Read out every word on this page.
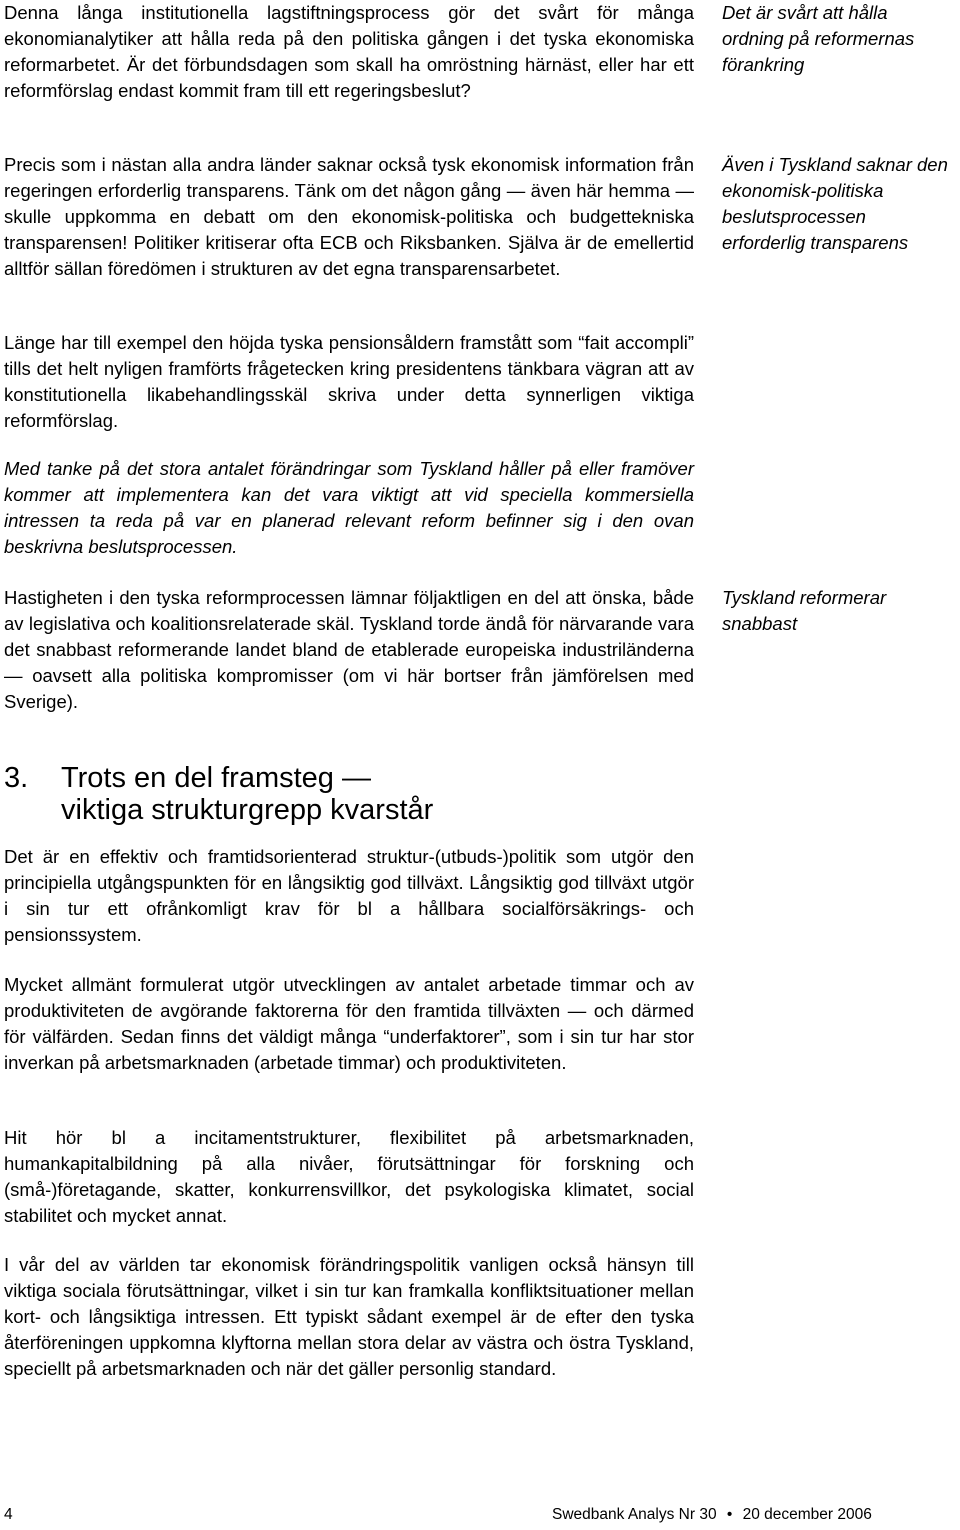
Denna långa institutionella lagstiftningsprocess gör det svårt för många ekonomianalytiker att hålla reda på den politiska gången i det tyska ekonomiska reformarbetet. Är det förbundsdagen som skall ha omröstning härnäst, eller har ett reformförslag endast kommit fram till ett regeringsbeslut?

Precis som i nästan alla andra länder saknar också tysk ekonomisk information från regeringen erforderlig transparens. Tänk om det någon gång — även här hemma — skulle uppkomma en debatt om den ekonomisk-politiska och budgettekniska transparensen! Politiker kritiserar ofta ECB och Riksbanken. Själva är de emellertid alltför sällan föredömen i strukturen av det egna transparensarbetet.

Länge har till exempel den höjda tyska pensionsåldern framstått som “fait accompli” tills det helt nyligen framförts frågetecken kring presidentens tänkbara vägran att av konstitutionella likabehandlingsskäl skriva under detta synnerligen viktiga reformförslag.

Med tanke på det stora antalet förändringar som Tyskland håller på eller framöver kommer att implementera kan det vara viktigt att vid speciella kommersiella intressen ta reda på var en planerad relevant reform befinner sig i den ovan beskrivna beslutsprocessen.

Hastigheten i den tyska reformprocessen lämnar följaktligen en del att önska, både av legislativa och koalitionsrelaterade skäl. Tyskland torde ändå för närvarande vara det snabbast reformerande landet bland de etablerade europeiska industriländerna — oavsett alla politiska kompromisser (om vi här bortser från jämförelsen med Sverige).

3. Trots en del framsteg —
viktiga strukturgrepp kvarstår

Det är en effektiv och framtidsorienterad struktur-(utbuds-)politik som utgör den principiella utgångspunkten för en långsiktig god tillväxt. Långsiktig god tillväxt utgör i sin tur ett ofrånkomligt krav för bl a hållbara socialförsäkrings- och pensionssystem.

Mycket allmänt formulerat utgör utvecklingen av antalet arbetade timmar och av produktiviteten de avgörande faktorerna för den framtida tillväxten — och därmed för välfärden. Sedan finns det väldigt många “underfaktorer”, som i sin tur har stor inverkan på arbetsmarknaden (arbetade timmar) och produktiviteten.

Hit hör bl a incitamentstrukturer, flexibilitet på arbetsmarknaden, humankapitalbildning på alla nivåer, förutsättningar för forskning och (små-)företagande, skatter, konkurrensvillkor, det psykologiska klimatet, social stabilitet och mycket annat.

I vår del av världen tar ekonomisk förändringspolitik vanligen också hänsyn till viktiga sociala förutsättningar, vilket i sin tur kan framkalla konfliktsituationer mellan kort- och långsiktiga intressen. Ett typiskt sådant exempel är de efter den tyska återföreningen uppkomna klyftorna mellan stora delar av västra och östra Tyskland, speciellt på arbetsmarknaden och när det gäller personlig standard.

Det är svårt att hålla ordning på reformernas förankring
Även i Tyskland saknar den ekonomisk-politiska beslutsprocessen erforderlig transparens
Tyskland reformerar snabbast
4	Swedbank Analys Nr 30 • 20 december 2006
